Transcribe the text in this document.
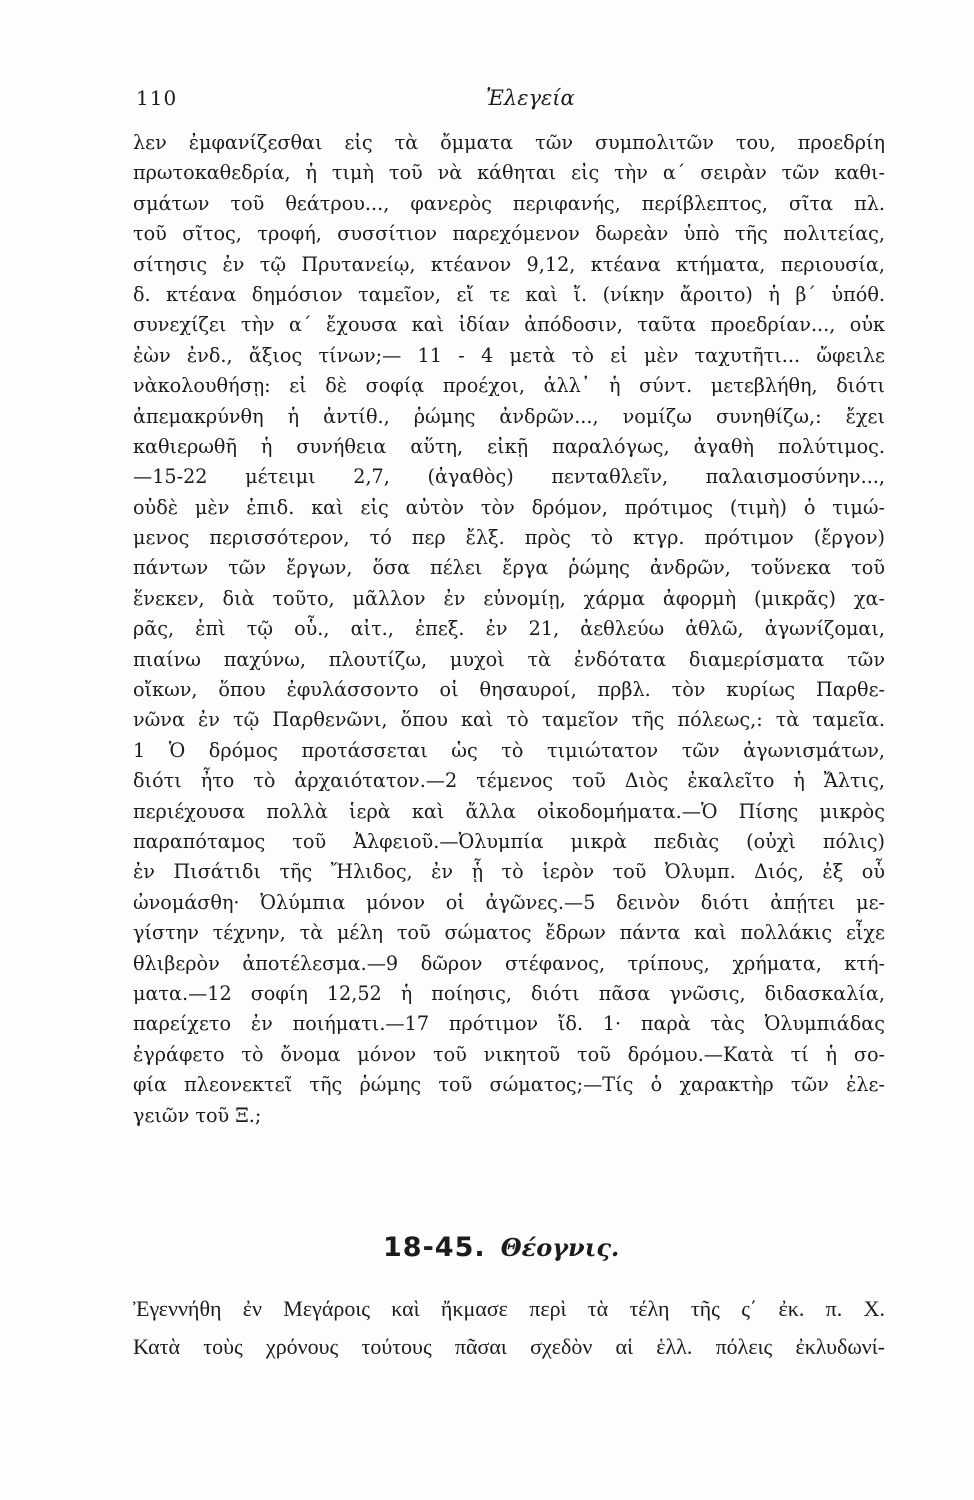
110	Ἐλεγεία
λεν ἐμφανίζεσθαι εἰς τὰ ὄμματα τῶν συμπολιτῶν του, προεδρίη
πρωτοκαθεδρία, ἡ τιμὴ τοῦ νὰ κάθηται εἰς τὴν α΄ σειρὰν τῶν καθι-
σμάτων τοῦ θεάτρου..., φανερὸς περιφανής, περίβλεπτος, σῖτα πλ.
τοῦ σῖτος, τροφή, συσσίτιον παρεχόμενον δωρεὰν ὑπὸ τῆς πολιτείας,
σίτησις ἐν τῷ Πρυτανείῳ, κτέανον 9,12, κτέανα κτήματα, περιουσία,
δ. κτέανα δημόσιον ταμεῖον, εἴ τε καὶ ἴ. (νίκην ἄροιτο) ἡ β΄ ὑπόθ.
συνεχίζει τὴν α΄ ἔχουσα καὶ ἰδίαν ἀπόδοσιν, ταῦτα προεδρίαν..., οὐκ
ἐὼν ἐνδ., ἄξιος τίνων;— 11 - 4 μετὰ τὸ εἰ μὲν ταχυτῆτι... ὤφειλε
νὰκολουθήσῃ: εἰ δὲ σοφίᾳ προέχοι, ἀλλ᾽ ἡ σύντ. μετεβλήθη, διότι
ἀπεμακρύνθη ἡ ἀντίθ., ῥώμης ἀνδρῶν..., νομίζω συνηθίζω,: ἔχει
καθιερωθῆ ἡ συνήθεια αὕτη, εἰκῇ παραλόγως, ἀγαθὴ πολύτιμος.
—15-22 μέτειμι 2,7, (ἀγαθὸς) πενταθλεῖν, παλαισμοσύνην...,
οὐδὲ μὲν ἐπιδ. καὶ εἰς αὐτὸν τὸν δρόμον, πρότιμος (τιμὴ) ὁ τιμώ-
μενος περισσότερον, τό περ ἔλξ. πρὸς τὸ κτγρ. πρότιμον (ἔργον)
πάντων τῶν ἔργων, ὅσα πέλει ἔργα ῥώμης ἀνδρῶν, τοὕνεκα τοῦ
ἕνεκεν, διὰ τοῦτο, μᾶλλον ἐν εὐνομίῃ, χάρμα ἀφορμὴ (μικρᾶς) χα-
ρᾶς, ἐπὶ τῷ οὗ., αἰτ., ἐπεξ. ἐν 21, ἀεθλεύω ἀθλῶ, ἀγωνίζομαι,
πιαίνω παχύνω, πλουτίζω, μυχοὶ τὰ ἐνδότατα διαμερίσματα τῶν
οἴκων, ὅπου ἐφυλάσσοντο οἱ θησαυροί, πρβλ. τὸν κυρίως Παρθε-
νῶνα ἐν τῷ Παρθενῶνι, ὅπου καὶ τὸ ταμεῖον τῆς πόλεως,: τὰ ταμεῖα.
1 Ὁ δρόμος προτάσσεται ὡς τὸ τιμιώτατον τῶν ἀγωνισμάτων,
διότι ἦτο τὸ ἀρχαιότατον.—2 τέμενος τοῦ Διὸς ἐκαλεῖτο ἡ Ἄλτις,
περιέχουσα πολλὰ ἱερὰ καὶ ἄλλα οἰκοδομήματα.—Ὁ Πίσης μικρὸς
παραπόταμος τοῦ Ἀλφειοῦ.—Ὀλυμπία μικρὰ πεδιὰς (οὐχὶ πόλις)
ἐν Πισάτιδι τῆς Ἤλιδος, ἐν ᾗ τὸ ἱερὸν τοῦ Ὀλυμπ. Διός, ἐξ οὗ
ὠνομάσθη· Ὀλύμπια μόνον οἱ ἀγῶνες.—5 δεινὸν διότι ἀπῄτει με-
γίστην τέχνην, τὰ μέλη τοῦ σώματος ἔδρων πάντα καὶ πολλάκις εἶχε
θλιβερὸν ἀποτέλεσμα.—9 δῶρον στέφανος, τρίπους, χρήματα, κτή-
ματα.—12 σοφίη 12,52 ἡ ποίησις, διότι πᾶσα γνῶσις, διδασκαλία,
παρείχετο ἐν ποιήματι.—17 πρότιμον ἴδ. 1· παρὰ τὰς Ὀλυμπιάδας
ἐγράφετο τὸ ὄνομα μόνον τοῦ νικητοῦ τοῦ δρόμου.—Κατὰ τί ἡ σο-
φία πλεονεκτεῖ τῆς ῥώμης τοῦ σώματος;—Τίς ὁ χαρακτὴρ τῶν ἐλε-
γειῶν τοῦ Ξ.;
18-45. Θέογνις.
Ἐγεννήθη ἐν Μεγάροις καὶ ἤκμασε περὶ τὰ τέλη τῆς ς΄ ἐκ. π. Χ.
Κατὰ τοὺς χρόνους τούτους πᾶσαι σχεδὸν αἱ ἑλλ. πόλεις ἐκλυδωνί-
